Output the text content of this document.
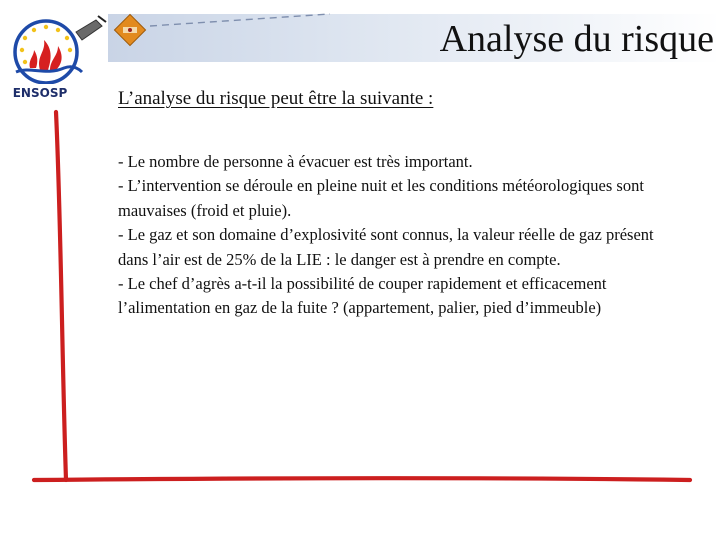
Analyse du risque
ENSOSP	L’analyse du risque peut être la suivante :

- Le nombre de personne à évacuer est très important.

- L’intervention se déroule en pleine nuit et les conditions météorologiques sont mauvaises (froid et pluie).

- Le gaz et son domaine d’explosivité sont connus, la valeur réelle de gaz présent dans l’air est de 25% de la LIE : le danger est à prendre en compte.

- Le chef d’agrès a-t-il la possibilité de couper rapidement et efficacement l’alimentation en gaz de la fuite ? (appartement, palier, pied d’immeuble)
